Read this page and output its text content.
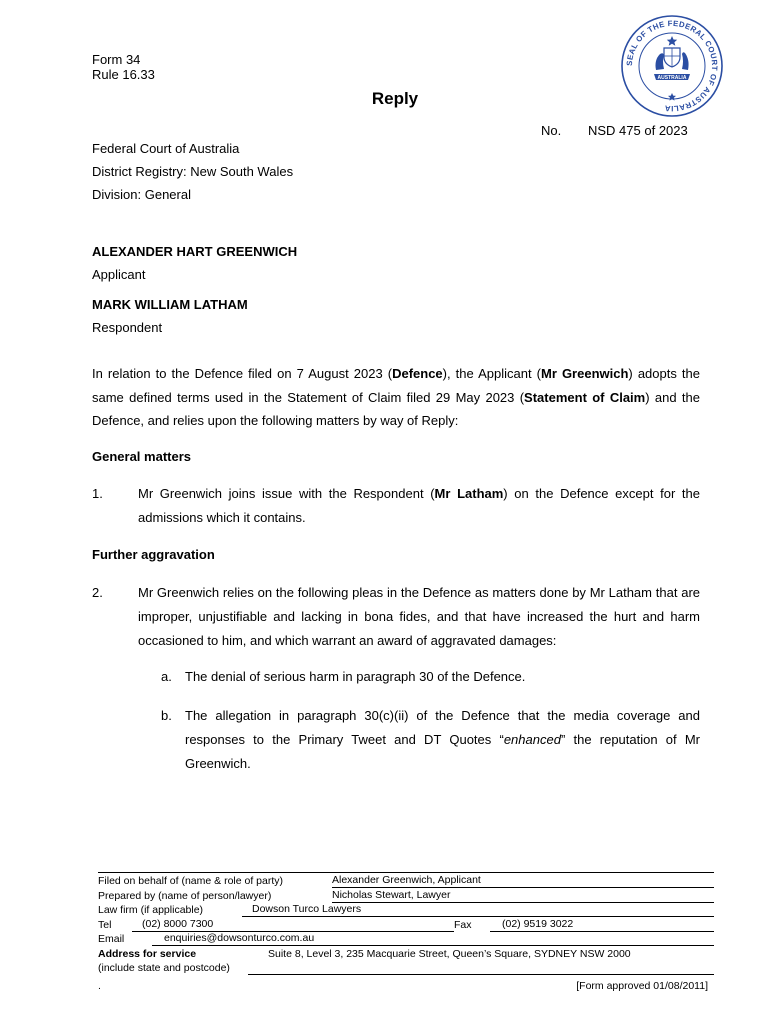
SEAL OF THE FEDERAL COURT OF AUSTRALIA
AUSTRALIA
Form 34
Rule 16.33
Reply
No. NSD 475 of 2023
Federal Court of Australia
District Registry: New South Wales
Division: General
ALEXANDER HART GREENWICH
Applicant
MARK WILLIAM LATHAM
Respondent
In relation to the Defence filed on 7 August 2023 (Defence), the Applicant (Mr Greenwich) adopts the same defined terms used in the Statement of Claim filed 29 May 2023 (Statement of Claim) and the Defence, and relies upon the following matters by way of Reply:
General matters
1.	Mr Greenwich joins issue with the Respondent (Mr Latham) on the Defence except for the admissions which it contains.
Further aggravation
2.	Mr Greenwich relies on the following pleas in the Defence as matters done by Mr Latham that are improper, unjustifiable and lacking in bona fides, and that have increased the hurt and harm occasioned to him, and which warrant an award of aggravated damages:
a. The denial of serious harm in paragraph 30 of the Defence.
b. The allegation in paragraph 30(c)(ii) of the Defence that the media coverage and responses to the Primary Tweet and DT Quotes “enhanced” the reputation of Mr Greenwich.
Filed on behalf of (name & role of party)	Alexander Greenwich, Applicant
Prepared by (name of person/lawyer)	Nicholas Stewart, Lawyer
Law firm (if applicable)	Dowson Turco Lawyers
Tel	(02) 8000 7300	Fax	(02) 9519 3022
Email	enquiries@dowsonturco.com.au
Address for service	Suite 8, Level 3, 235 Macquarie Street, Queen’s Square, SYDNEY NSW 2000
(include state and postcode)
.	[Form approved 01/08/2011]
